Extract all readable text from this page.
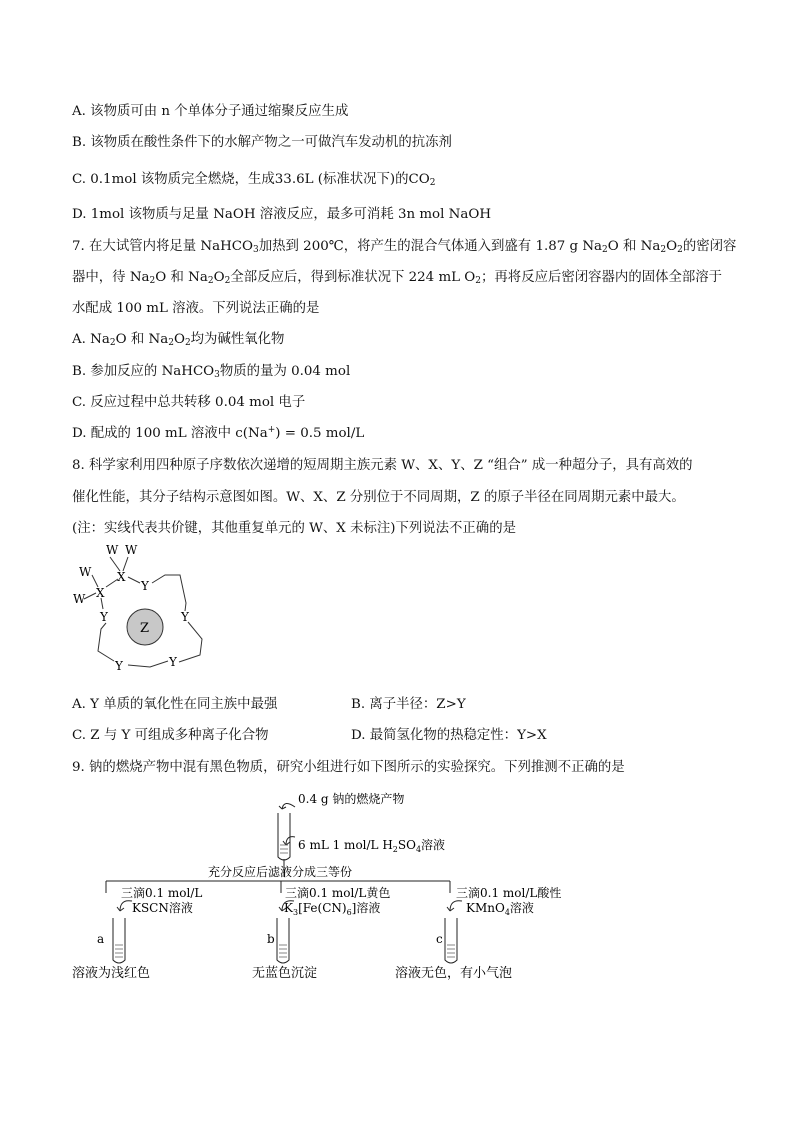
A. 该物质可由 n 个单体分子通过缩聚反应生成
B. 该物质在酸性条件下的水解产物之一可做汽车发动机的抗冻剂
C. 0.1mol 该物质完全燃烧，生成33.6L (标准状况下)的$CO_2$
D. 1mol 该物质与足量 NaOH 溶液反应，最多可消耗 3n mol NaOH
7. 在大试管内将足量 NaHCO$_3$加热到 200℃，将产生的混合气体通入到盛有 1.87 g $Na_2O$ 和 $Na_2O_2$的密闭容
器中，待 $Na_2O$ 和 $Na_2O_2$全部反应后，得到标准状况下 224 mL $O_2$；再将反应后密闭容器内的固体全部溶于
水配成 100 mL 溶液。下列说法正确的是
A. $Na_2O$ 和 $Na_2O_2$均为碱性氧化物
B. 参加反应的 NaHCO$_3$物质的量为 0.04 mol
C. 反应过程中总共转移 0.04 mol 电子
D. 配成的 100 mL 溶液中 c(Na+) = 0.5 mol/L
8. 科学家利用四种原子序数依次递增的短周期主族元素 W、X、Y、Z “组合” 成一种超分子，具有高效的
催化性能，其分子结构示意图如图。W、X、Z 分别位于不同周期，Z 的原子半径在同周期元素中最大。
(注：实线代表共价键，其他重复单元的 W、X 未标注)下列说法不正确的是
W W
W
W
X
X	Y
Y	Y
Y	Y
Z
A. Y 单质的氧化性在同主族中最强	B. 离子半径：Z>Y
C. Z 与 Y 可组成多种离子化合物	D. 最简氢化物的热稳定性：Y>X
9. 钠的燃烧产物中混有黑色物质，研究小组进行如下图所示的实验探究。下列推测不正确的是
0.4 g 钠的燃烧产物
6 mL 1 mol/L $H_2SO_4$溶液
充分反应后滤液分成三等份
三滴0.1 mol/L
KSCN溶液
三滴0.1 mol/L黄色
$K_3[Fe(CN)_6]$溶液
三滴0.1 mol/L酸性
KMnO$_4$溶液
a	b	c
溶液为浅红色	无蓝色沉淀	溶液无色，有小气泡
